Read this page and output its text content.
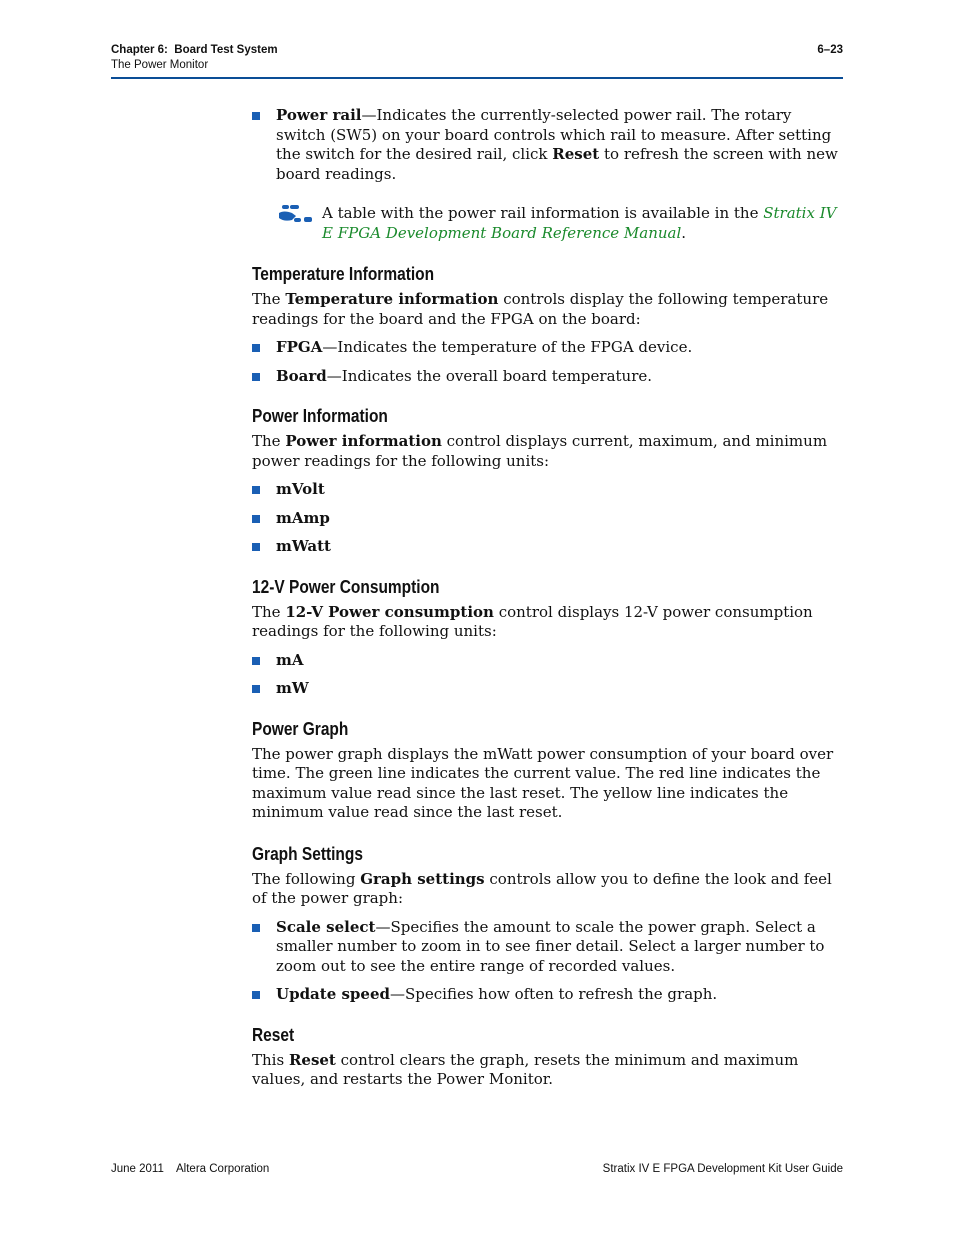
Chapter 6:  Board Test System
The Power Monitor
6–23
Power rail—Indicates the currently-selected power rail. The rotary switch (SW5) on your board controls which rail to measure. After setting the switch for the desired rail, click Reset to refresh the screen with new board readings.
A table with the power rail information is available in the Stratix IV E FPGA Development Board Reference Manual.
Temperature Information

The Temperature information controls display the following temperature readings for the board and the FPGA on the board:

FPGA—Indicates the temperature of the FPGA device.
Board—Indicates the overall board temperature.
Power Information

The Power information control displays current, maximum, and minimum power readings for the following units:

mVolt
mAmp
mWatt
12-V Power Consumption

The 12-V Power consumption control displays 12-V power consumption readings for the following units:

mA
mW
Power Graph

The power graph displays the mWatt power consumption of your board over time. The green line indicates the current value. The red line indicates the maximum value read since the last reset. The yellow line indicates the minimum value read since the last reset.

Graph Settings

The following Graph settings controls allow you to define the look and feel of the power graph:

Scale select—Specifies the amount to scale the power graph. Select a smaller number to zoom in to see finer detail. Select a larger number to zoom out to see the entire range of recorded values.
Update speed—Specifies how often to refresh the graph.
Reset

This Reset control clears the graph, resets the minimum and maximum values, and restarts the Power Monitor.

June 2011    Altera Corporation	Stratix IV E FPGA Development Kit User Guide
